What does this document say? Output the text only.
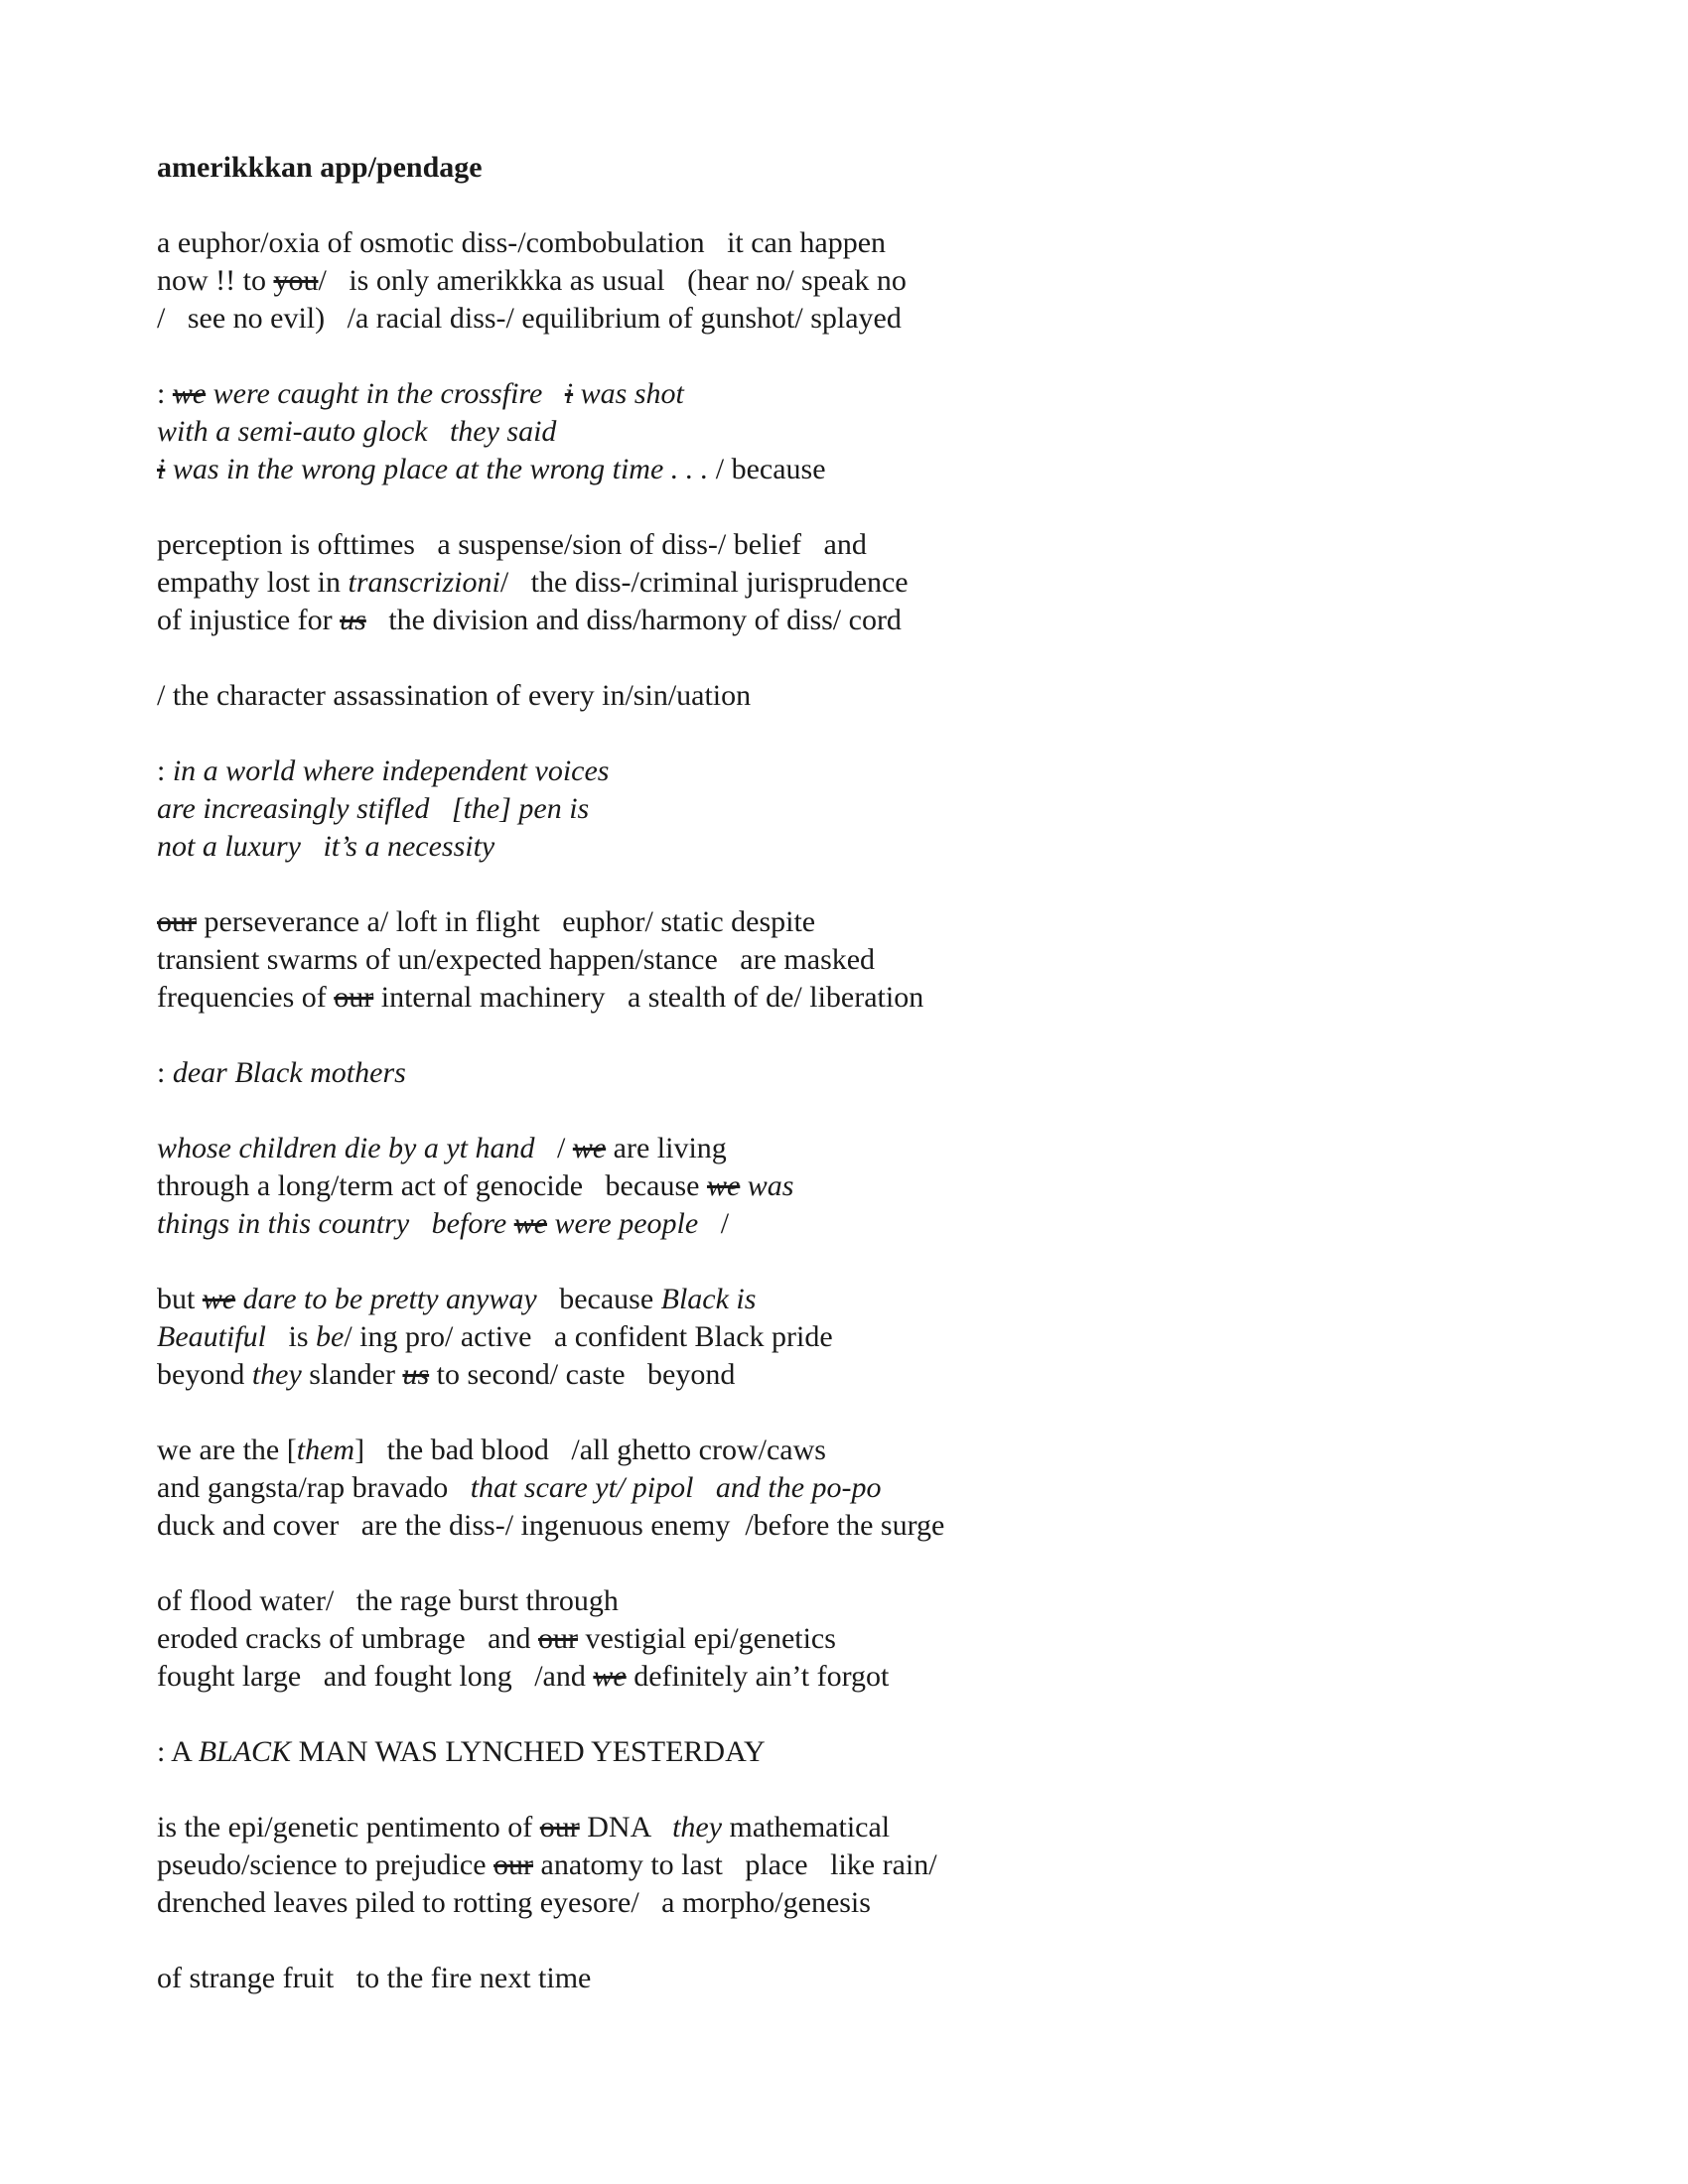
amerikkkan app/pendage
a euphor/oxia of osmotic diss-/combobulation   it can happen
now !! to you/   is only amerikkka as usual   (hear no/ speak no
/   see no evil)   /a racial diss-/ equilibrium of gunshot/ splayed
: we were caught in the crossfire   i was shot
with a semi-auto glock   they said
i was in the wrong place at the wrong time . . . / because
perception is ofttimes   a suspense/sion of diss-/ belief   and
empathy lost in transcrizioni/   the diss-/criminal jurisprudence
of injustice for us   the division and diss/harmony of diss/ cord
/ the character assassination of every in/sin/uation
: in a world where independent voices
are increasingly stifled   [the] pen is
not a luxury   it’s a necessity
our perseverance a/ loft in flight   euphor/ static despite
transient swarms of un/expected happen/stance   are masked
frequencies of our internal machinery   a stealth of de/ liberation
: dear Black mothers
whose children die by a yt hand   / we are living
through a long/term act of genocide   because we was
things in this country   before we were people   /
but we dare to be pretty anyway   because Black is
Beautiful   is be/ ing pro/ active   a confident Black pride
beyond they slander us to second/ caste   beyond
we are the [them]   the bad blood   /all ghetto crow/caws
and gangsta/rap bravado   that scare yt/ pipol   and the po-po
duck and cover   are the diss-/ ingenuous enemy  /before the surge
of flood water/   the rage burst through
eroded cracks of umbrage   and our vestigial epi/genetics
fought large   and fought long   /and we definitely ain’t forgot
: A BLACK MAN WAS LYNCHED YESTERDAY
is the epi/genetic pentimento of our DNA   they mathematical
pseudo/science to prejudice our anatomy to last   place   like rain/
drenched leaves piled to rotting eyesore/   a morpho/genesis
of strange fruit   to the fire next time
